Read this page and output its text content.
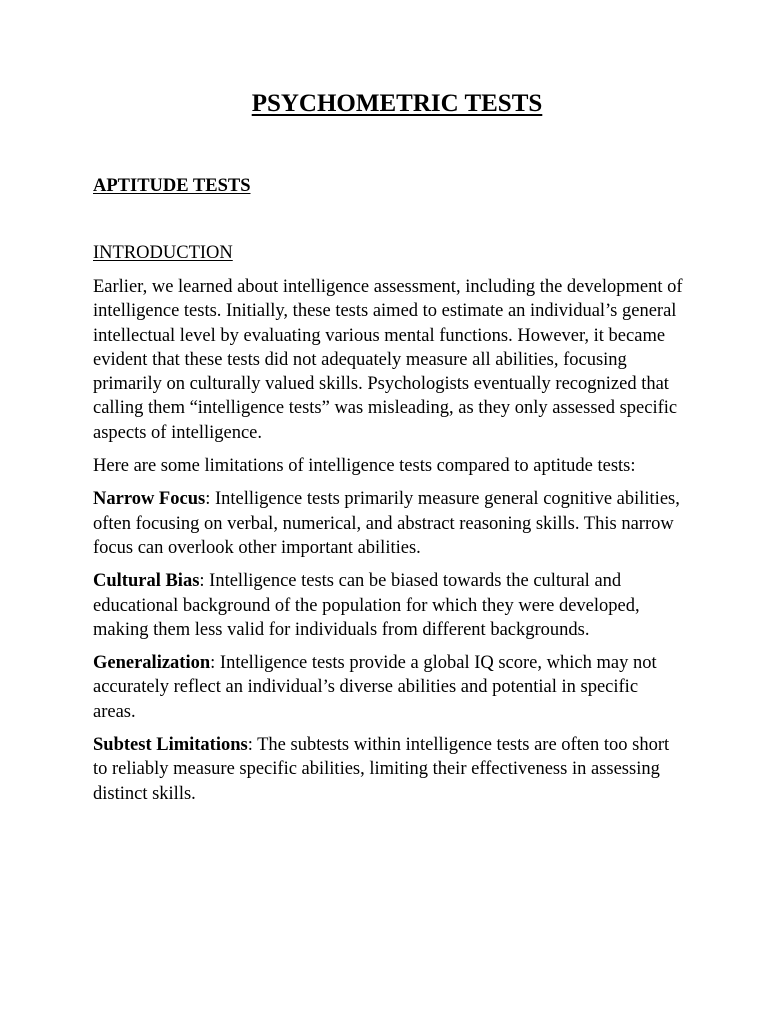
PSYCHOMETRIC TESTS
APTITUDE TESTS
INTRODUCTION

Earlier, we learned about intelligence assessment, including the development of intelligence tests. Initially, these tests aimed to estimate an individual’s general intellectual level by evaluating various mental functions. However, it became evident that these tests did not adequately measure all abilities, focusing primarily on culturally valued skills. Psychologists eventually recognized that calling them “intelligence tests” was misleading, as they only assessed specific aspects of intelligence.

Here are some limitations of intelligence tests compared to aptitude tests:

Narrow Focus: Intelligence tests primarily measure general cognitive abilities, often focusing on verbal, numerical, and abstract reasoning skills. This narrow focus can overlook other important abilities.

Cultural Bias: Intelligence tests can be biased towards the cultural and educational background of the population for which they were developed, making them less valid for individuals from different backgrounds.

Generalization: Intelligence tests provide a global IQ score, which may not accurately reflect an individual’s diverse abilities and potential in specific areas.

Subtest Limitations: The subtests within intelligence tests are often too short to reliably measure specific abilities, limiting their effectiveness in assessing distinct skills.
